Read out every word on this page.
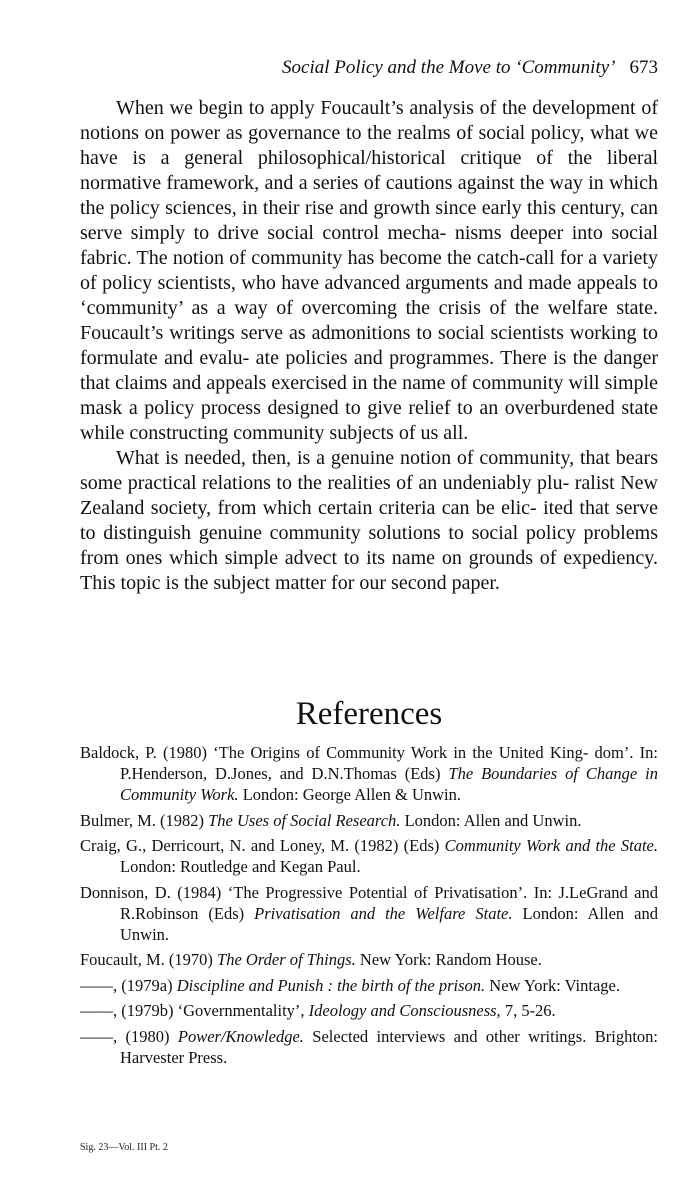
Social Policy and the Move to ‘Community’ 673

When we begin to apply Foucault’s analysis of the development of notions on power as governance to the realms of social policy, what we have is a general philosophical/historical critique of the liberal normative framework, and a series of cautions against the way in which the policy sciences, in their rise and growth since early this century, can serve simply to drive social control mecha- nisms deeper into social fabric. The notion of community has become the catch-call for a variety of policy scientists, who have advanced arguments and made appeals to ‘community’ as a way of overcoming the crisis of the welfare state. Foucault’s writings serve as admonitions to social scientists working to formulate and evalu- ate policies and programmes. There is the danger that claims and appeals exercised in the name of community will simple mask a policy process designed to give relief to an overburdened state while constructing community subjects of us all.

What is needed, then, is a genuine notion of community, that bears some practical relations to the realities of an undeniably plu- ralist New Zealand society, from which certain criteria can be elic- ited that serve to distinguish genuine community solutions to social policy problems from ones which simple advect to its name on grounds of expediency. This topic is the subject matter for our second paper.

References
Baldock, P. (1980) ‘The Origins of Community Work in the United King- dom’. In: P.Henderson, D.Jones, and D.N.Thomas (Eds) The Boundaries of Change in Community Work. London: George Allen & Unwin.
Bulmer, M. (1982) The Uses of Social Research. London: Allen and Unwin.
Craig, G., Derricourt, N. and Loney, M. (1982) (Eds) Community Work and the State. London: Routledge and Kegan Paul.
Donnison, D. (1984) ‘The Progressive Potential of Privatisation’. In: J.LeGrand and R.Robinson (Eds) Privatisation and the Welfare State. London: Allen and Unwin.
Foucault, M. (1970) The Order of Things. New York: Random House.
——, (1979a) Discipline and Punish : the birth of the prison. New York: Vintage.
——, (1979b) ‘Governmentality’, Ideology and Consciousness, 7, 5-26.
——, (1980) Power/Knowledge. Selected interviews and other writings. Brighton: Harvester Press.
Sig. 23—Vol. III Pt. 2
